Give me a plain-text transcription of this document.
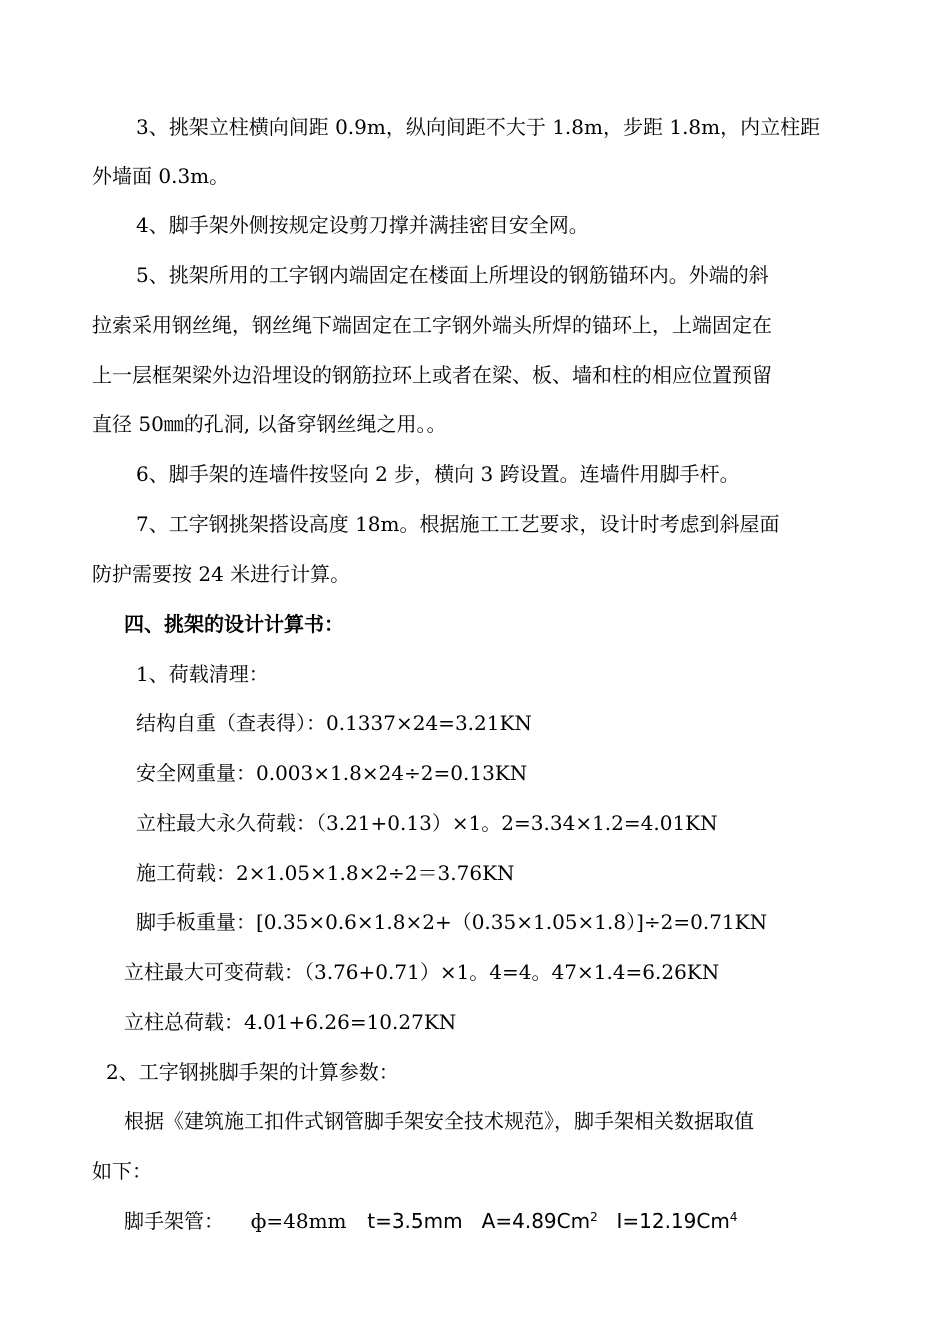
3、挑架立柱横向间距 0.9m，纵向间距不大于 1.8m，步距 1.8m，内立柱距
外墙面 0.3m。
4、脚手架外侧按规定设剪刀撑并满挂密目安全网。
5、挑架所用的工字钢内端固定在楼面上所埋设的钢筋锚环内。外端的斜
拉索采用钢丝绳，钢丝绳下端固定在工字钢外端头所焊的锚环上，上端固定在
上一层框架梁外边沿埋设的钢筋拉环上或者在梁、板、墙和柱的相应位置预留
直径 50㎜的孔洞, 以备穿钢丝绳之用。。
6、脚手架的连墙件按竖向 2 步，横向 3 跨设置。连墙件用脚手杆。
7、工字钢挑架搭设高度 18m。根据施工工艺要求，设计时考虑到斜屋面
防护需要按 24 米进行计算。
四、挑架的设计计算书：
1、荷载清理：
结构自重（查表得）：0.1337×24=3.21KN
安全网重量：0.003×1.8×24÷2=0.13KN
立柱最大永久荷载：（3.21+0.13）×1。2=3.34×1.2=4.01KN
施工荷载：2×1.05×1.8×2÷2＝3.76KN
脚手板重量：[0.35×0.6×1.8×2+（0.35×1.05×1.8）]÷2=0.71KN
立柱最大可变荷载：（3.76+0.71）×1。4=4。47×1.4=6.26KN
立柱总荷载：4.01+6.26=10.27KN
2、工字钢挑脚手架的计算参数：
根据《建筑施工扣件式钢管脚手架安全技术规范》，脚手架相关数据取值
如下：
脚手架管： ф=48mm t=3.5mm   $A=4.89Cm^2$ $I=12.19Cm^4$
